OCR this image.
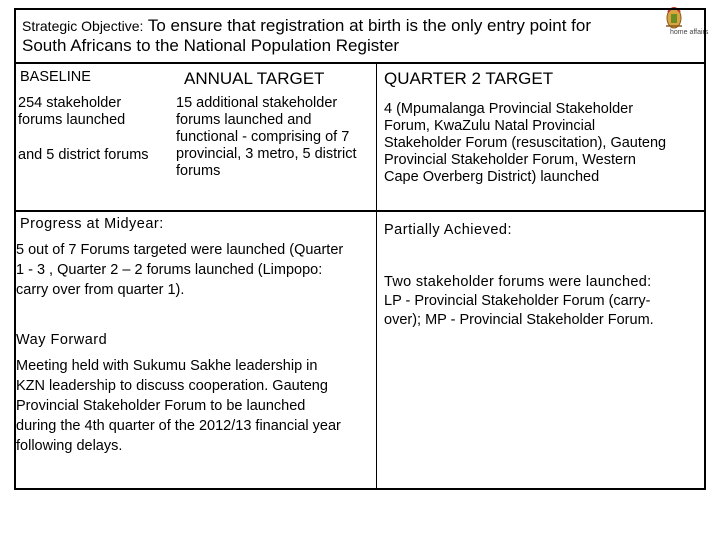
home affairs
Strategic Objective: To ensure that registration at birth is the only entry point for
South Africans to the National Population Register
BASELINE	ANNUAL TARGET	QUARTER 2 TARGET
254 stakeholder
forums launched
and 5 district forums
15 additional stakeholder
forums launched and
functional - comprising of 7
provincial, 3 metro, 5 district
forums
4 (Mpumalanga Provincial Stakeholder
Forum, KwaZulu Natal Provincial
Stakeholder Forum (resuscitation), Gauteng
Provincial Stakeholder Forum, Western
Cape Overberg District) launched
Progress at Midyear:
5 out of 7 Forums targeted were launched (Quarter
1 - 3 , Quarter 2 – 2 forums launched (Limpopo:
carry over from quarter 1).
Way Forward
Meeting held with Sukumu Sakhe leadership in
KZN leadership to discuss cooperation. Gauteng
Provincial Stakeholder Forum to be launched
during the 4th quarter of the 2012/13 financial year
following delays.
Partially Achieved:
Two stakeholder forums were launched:
LP - Provincial Stakeholder Forum (carry-
over); MP - Provincial Stakeholder Forum.
